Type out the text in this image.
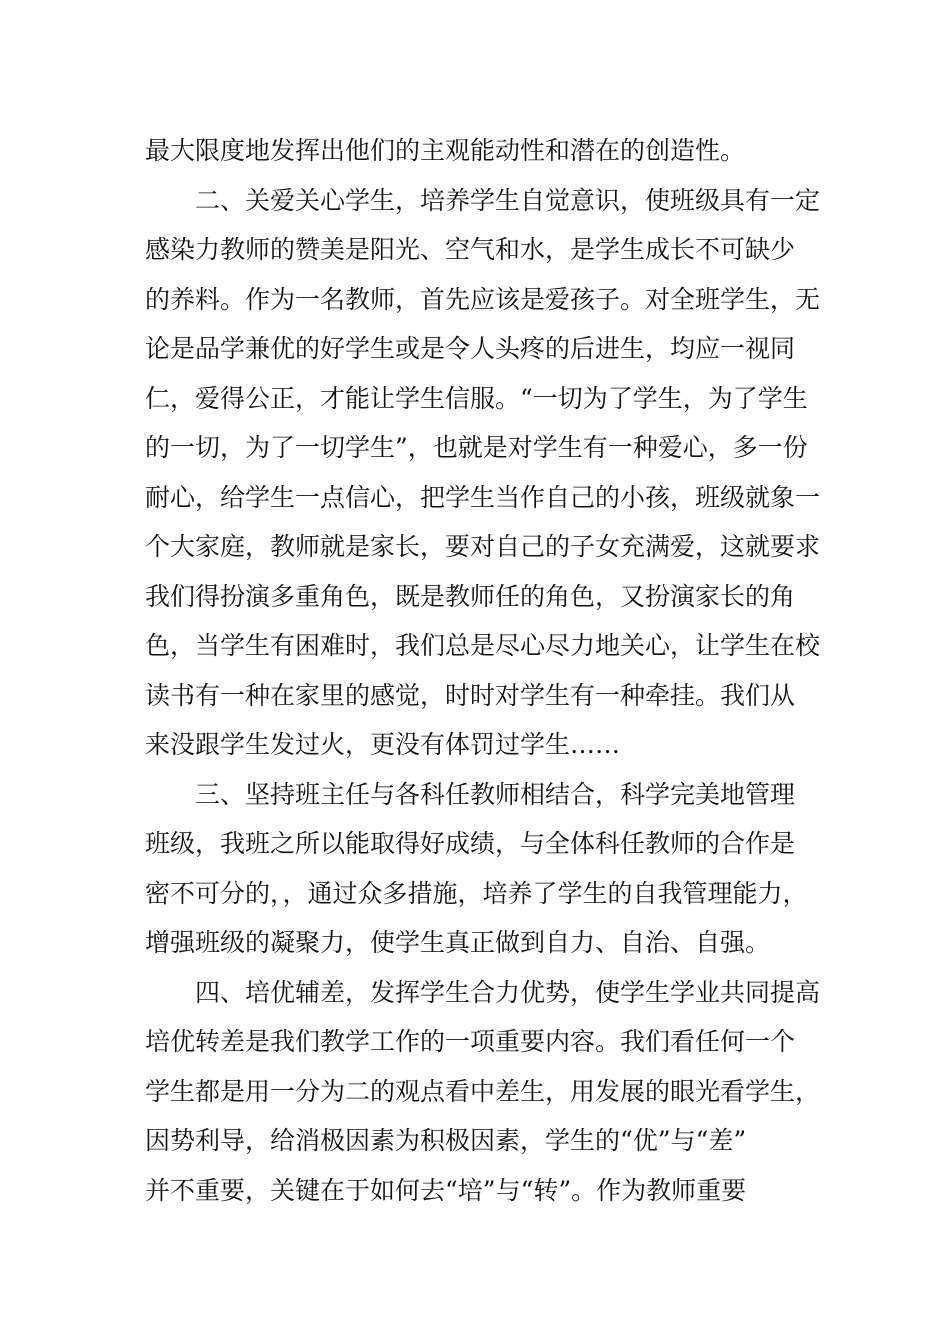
最大限度地发挥出他们的主观能动性和潜在的创造性。
二、关爱关心学生，培养学生自觉意识，使班级具有一定
感染力教师的赞美是阳光、空气和水，是学生成长不可缺少
的养料。作为一名教师，首先应该是爱孩子。对全班学生，无
论是品学兼优的好学生或是令人头疼的后进生，均应一视同
仁，爱得公正，才能让学生信服。“一切为了学生，为了学生
的一切，为了一切学生”，也就是对学生有一种爱心，多一份
耐心，给学生一点信心，把学生当作自己的小孩，班级就象一
个大家庭，教师就是家长，要对自己的子女充满爱，这就要求
我们得扮演多重角色，既是教师任的角色，又扮演家长的角
色，当学生有困难时，我们总是尽心尽力地关心，让学生在校
读书有一种在家里的感觉，时时对学生有一种牵挂。我们从
来没跟学生发过火，更没有体罚过学生……
三、坚持班主任与各科任教师相结合，科学完美地管理
班级，我班之所以能取得好成绩，与全体科任教师的合作是
密不可分的，，通过众多措施，培养了学生的自我管理能力，
增强班级的凝聚力，使学生真正做到自力、自治、自强。
四、培优辅差，发挥学生合力优势，使学生学业共同提高
培优转差是我们教学工作的一项重要内容。我们看任何一个
学生都是用一分为二的观点看中差生，用发展的眼光看学生，
因势利导，给消极因素为积极因素，学生的“优”与“差”
并不重要，关键在于如何去“培”与“转”。作为教师重要
